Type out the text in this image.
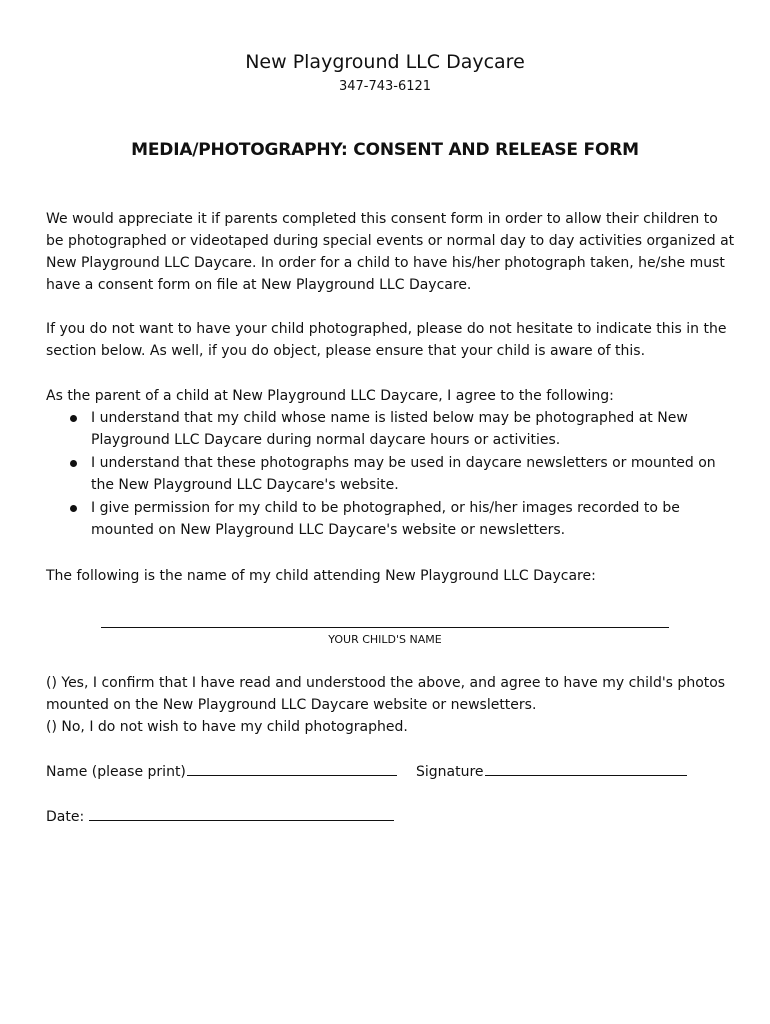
New Playground LLC Daycare
347-743-6121
MEDIA/PHOTOGRAPHY: CONSENT AND RELEASE FORM

We would appreciate it if parents completed this consent form in order to allow their children to be photographed or videotaped during special events or normal day to day activities organized at New Playground LLC Daycare. In order for a child to have his/her photograph taken, he/she must have a consent form on file at New Playground LLC Daycare.

If you do not want to have your child photographed, please do not hesitate to indicate this in the section below. As well, if you do object, please ensure that your child is aware of this.

As the parent of a child at New Playground LLC Daycare, I agree to the following:

I understand that my child whose name is listed below may be photographed at New Playground LLC Daycare during normal daycare hours or activities.
I understand that these photographs may be used in daycare newsletters or mounted on the New Playground LLC Daycare's website.
I give permission for my child to be photographed, or his/her images recorded to be mounted on New Playground LLC Daycare's website or newsletters.

The following is the name of my child attending New Playground LLC Daycare:

YOUR CHILD'S NAME
() Yes, I confirm that I have read and understood the above, and agree to have my child's photos mounted on the New Playground LLC Daycare website or newsletters.
() No, I do not wish to have my child photographed.
Name (please print)	Signature
Date:
